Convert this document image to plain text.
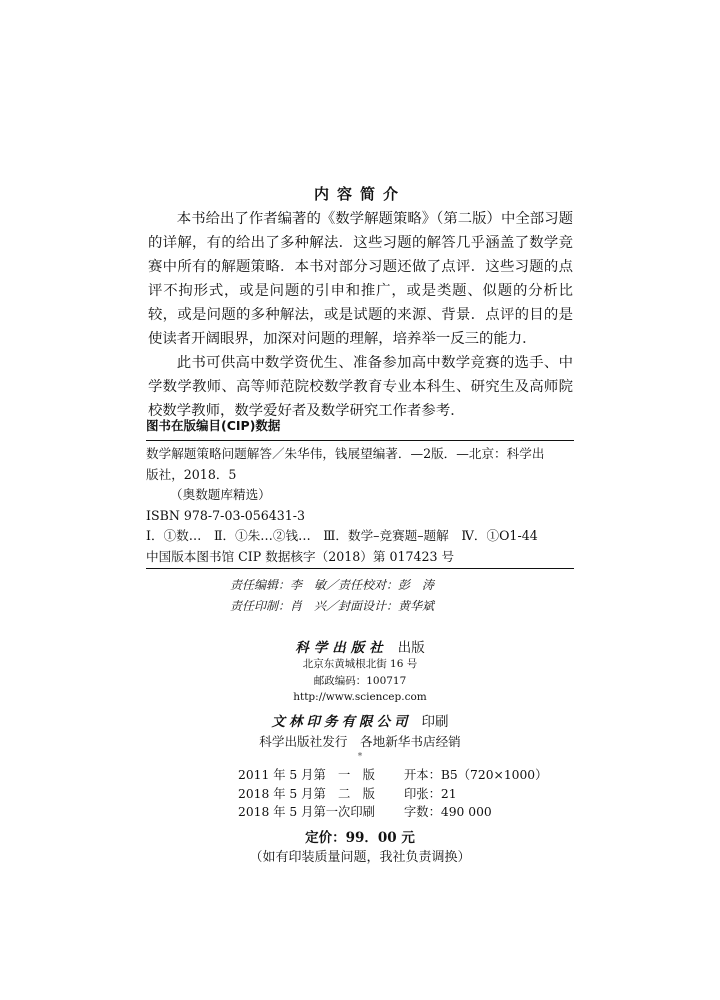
内容简介

本书给出了作者编著的《数学解题策略》（第二版）中全部习题的详解，有的给出了多种解法．这些习题的解答几乎涵盖了数学竞赛中所有的解题策略．本书对部分习题还做了点评．这些习题的点评不拘形式，或是问题的引申和推广，或是类题、似题的分析比较，或是问题的多种解法，或是试题的来源、背景．点评的目的是使读者开阔眼界，加深对问题的理解，培养举一反三的能力．

此书可供高中数学资优生、准备参加高中数学竞赛的选手、中学数学教师、高等师范院校数学教育专业本科生、研究生及高师院校数学教师，数学爱好者及数学研究工作者参考．

图书在版编目(CIP)数据
数学解题策略问题解答／朱华伟，钱展望编著．—2版．—北京：科学出
版社，2018．5
（奥数题库精选）
ISBN 978-7-03-056431-3
Ⅰ．①数…　Ⅱ．①朱…②钱…　Ⅲ．数学–竞赛题–题解　Ⅳ．①O1-44
中国版本图书馆 CIP 数据核字（2018）第 017423 号
责任编辑：李　敏／责任校对：彭　涛
责任印制：肖　兴／封面设计：黄华斌
科学出版社 出版
北京东黄城根北街 16 号
邮政编码：100717
http://www.sciencep.com
文林印务有限公司 印刷
科学出版社发行　各地新华书店经销
*
2011 年 5 月第　一　版 开本：B5（720×1000）
2018 年 5 月第　二　版 印张：21
2018 年 5 月第一次印刷 字数：490 000
定价：99．00 元
（如有印装质量问题，我社负责调换）
